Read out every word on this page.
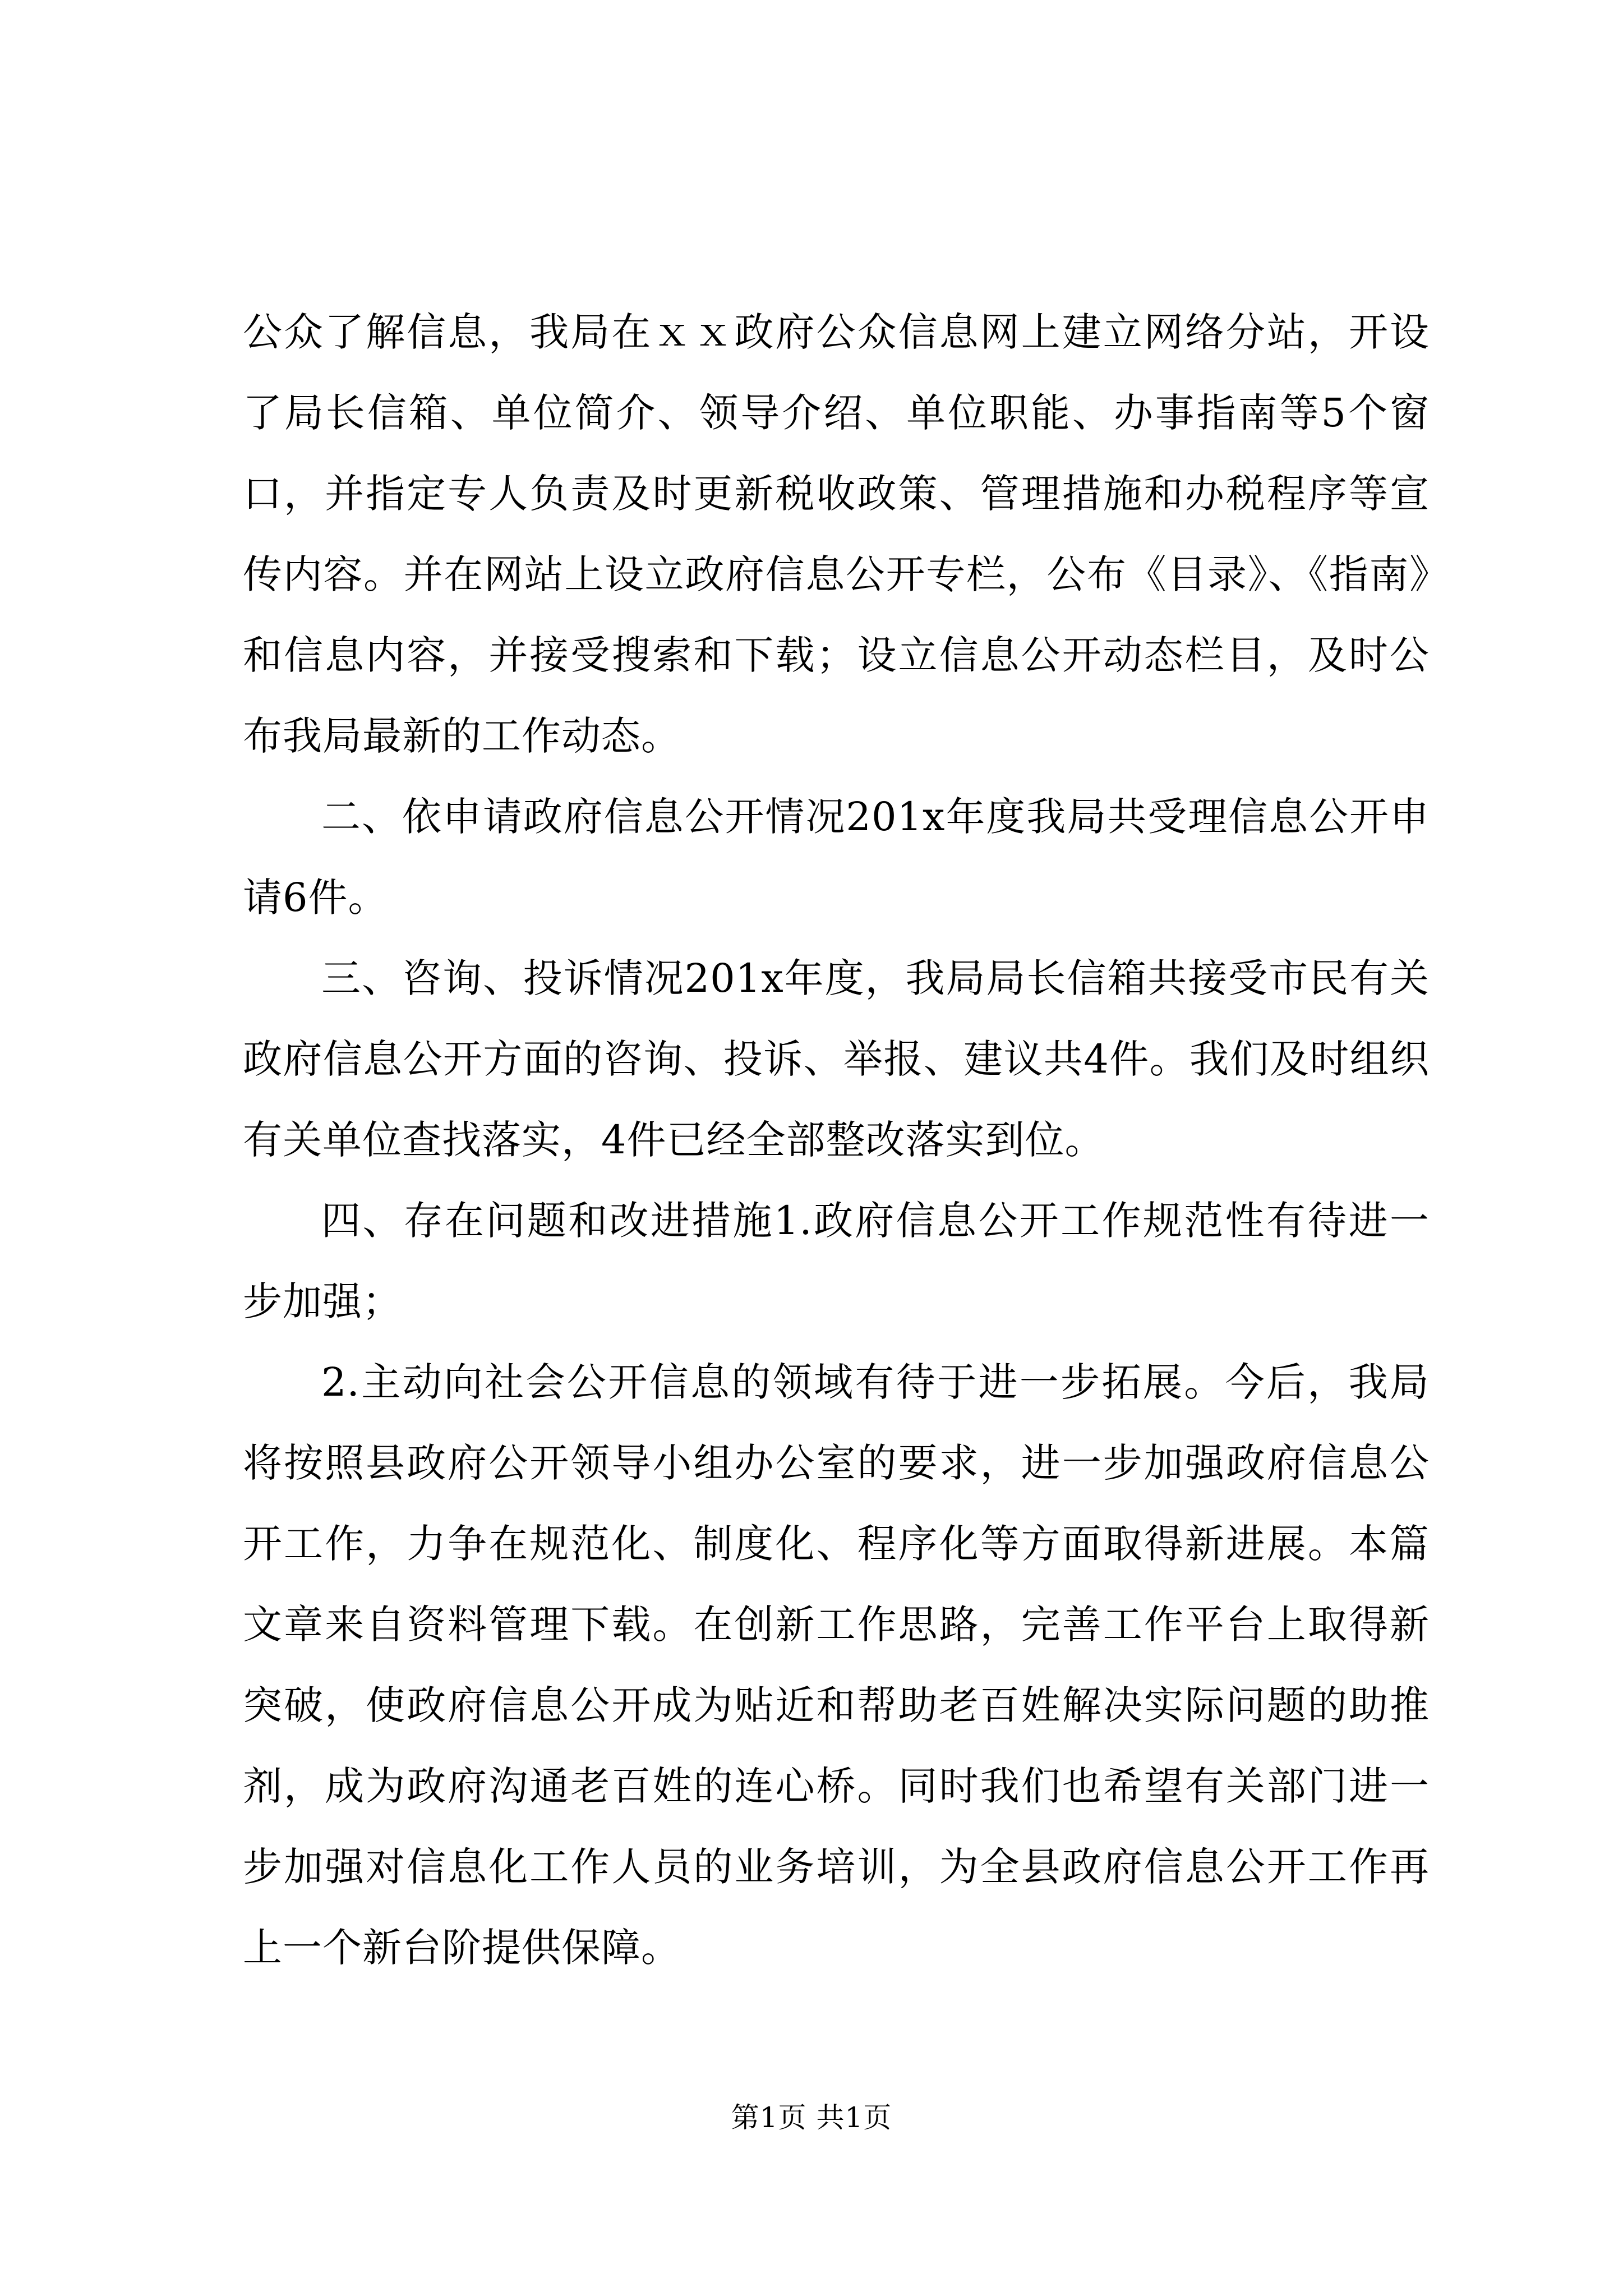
公众了解信息，我局在ｘｘ政府公众信息网上建立网络分站，开设了局长信箱、单位简介、领导介绍、单位职能、办事指南等5个窗口，并指定专人负责及时更新税收政策、管理措施和办税程序等宣传内容。并在网站上设立政府信息公开专栏，公布《目录》、《指南》和信息内容，并接受搜索和下载；设立信息公开动态栏目，及时公布我局最新的工作动态。

二、依申请政府信息公开情况201x年度我局共受理信息公开申请6件。

三、咨询、投诉情况201x年度，我局局长信箱共接受市民有关政府信息公开方面的咨询、投诉、举报、建议共4件。我们及时组织有关单位查找落实，4件已经全部整改落实到位。

四、存在问题和改进措施1.政府信息公开工作规范性有待进一步加强；

2.主动向社会公开信息的领域有待于进一步拓展。今后，我局将按照县政府公开领导小组办公室的要求，进一步加强政府信息公开工作，力争在规范化、制度化、程序化等方面取得新进展。本篇文章来自资料管理下载。在创新工作思路，完善工作平台上取得新突破，使政府信息公开成为贴近和帮助老百姓解决实际问题的助推剂，成为政府沟通老百姓的连心桥。同时我们也希望有关部门进一步加强对信息化工作人员的业务培训，为全县政府信息公开工作再上一个新台阶提供保障。

第1页 共1页
